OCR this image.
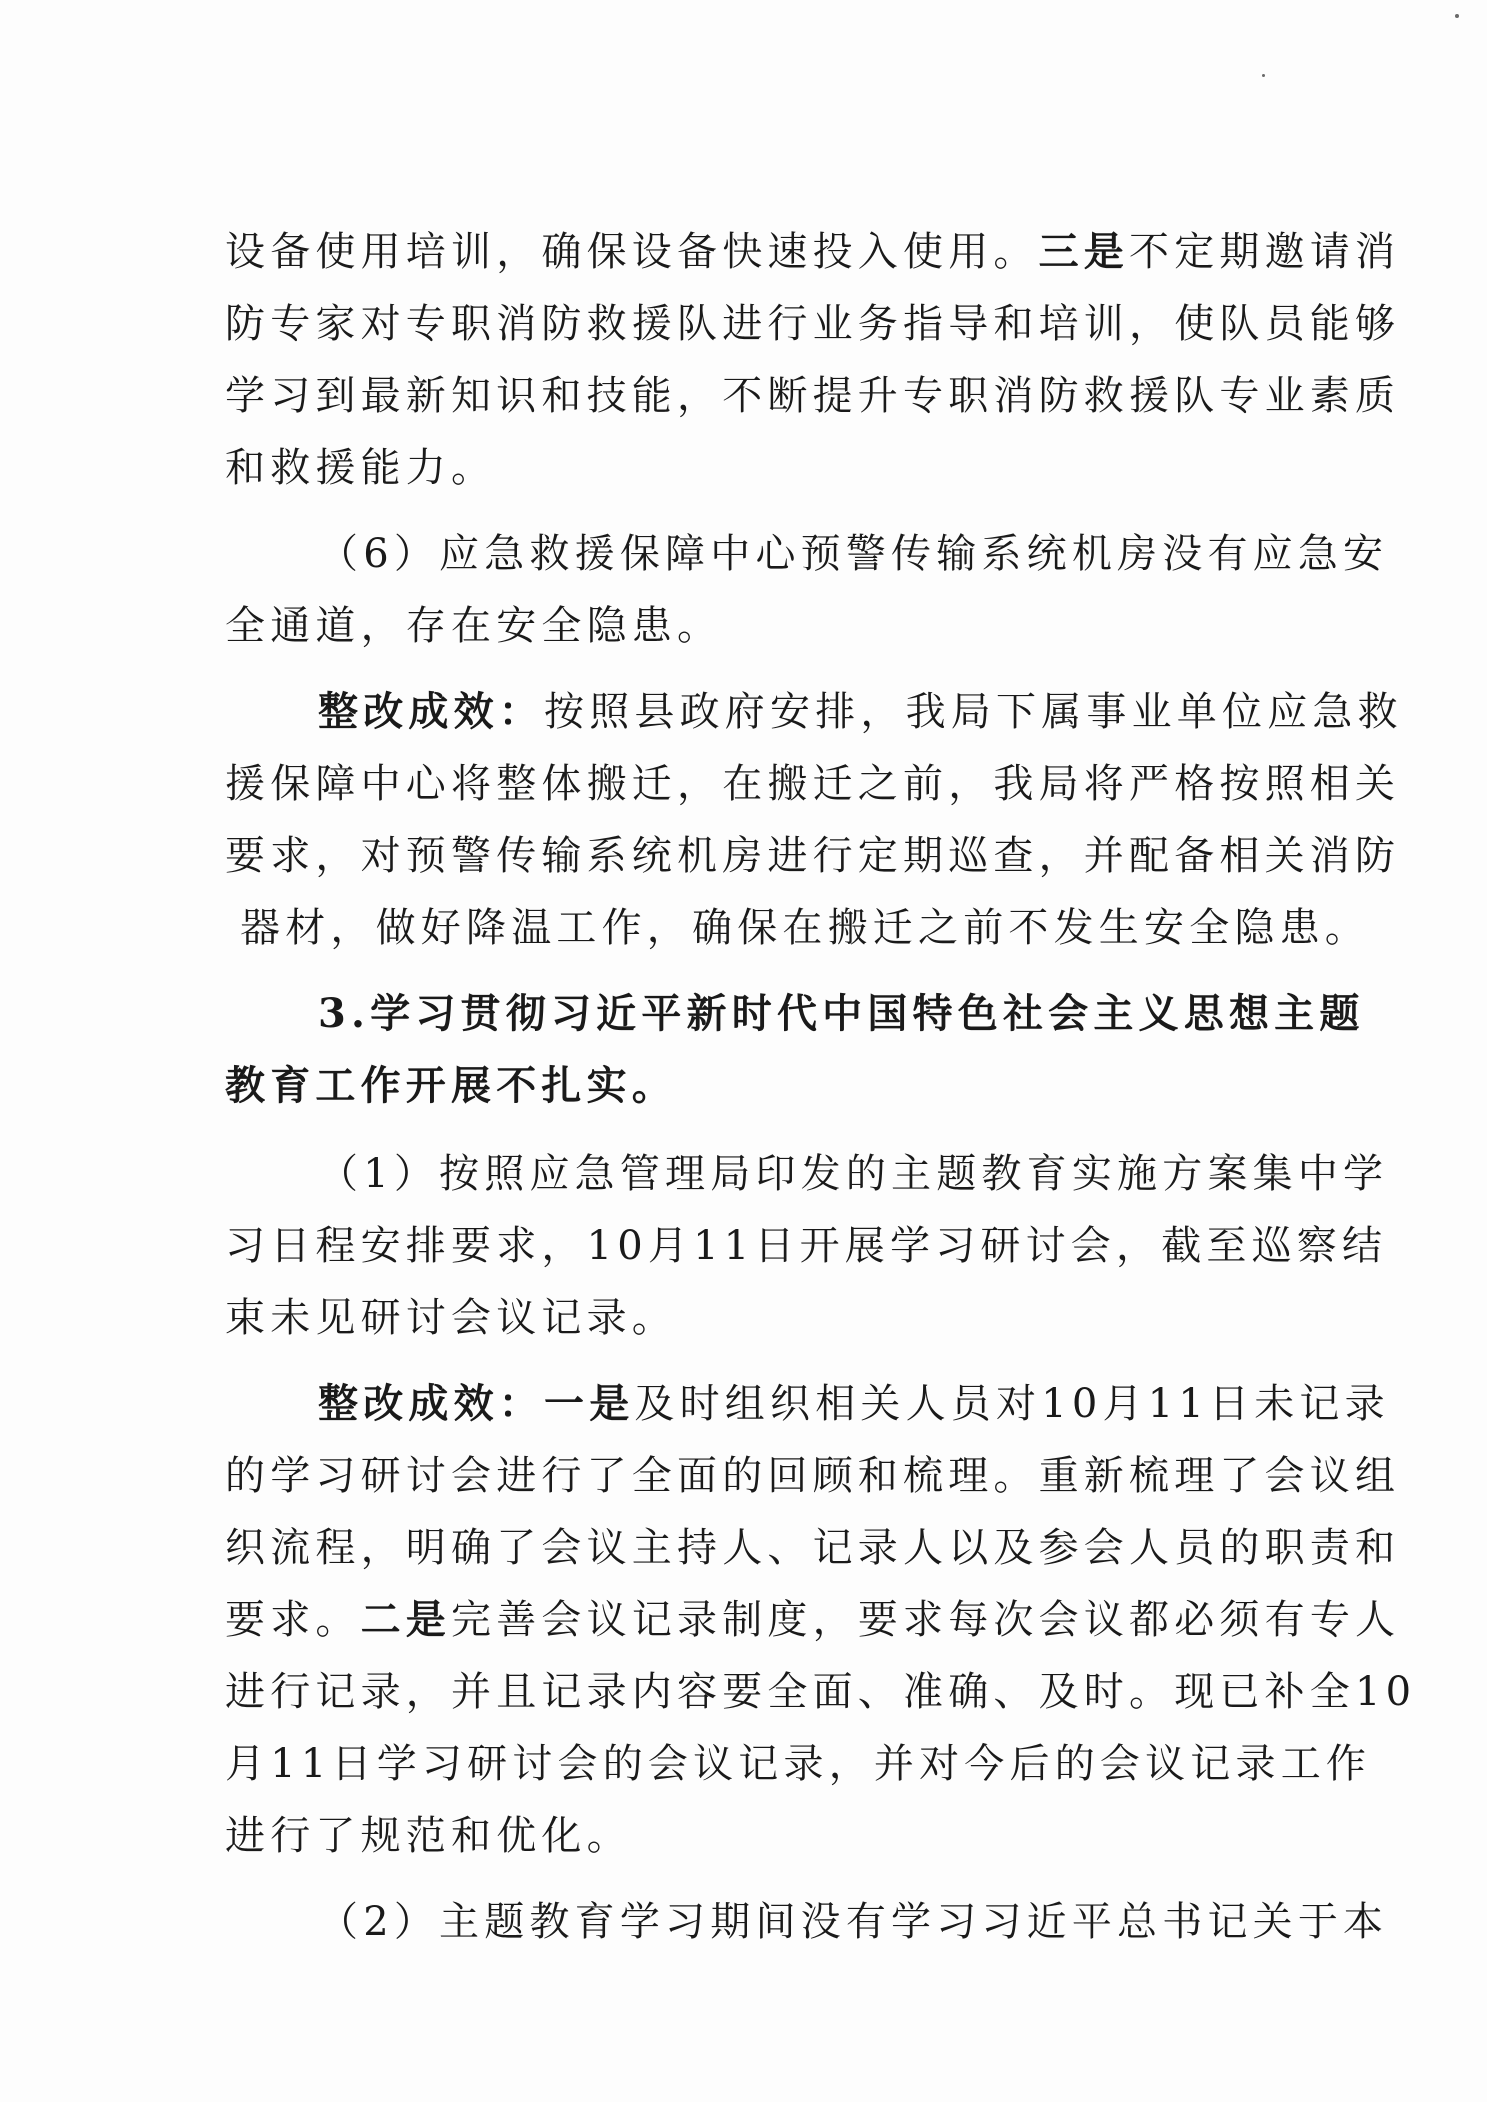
设备使用培训，确保设备快速投入使用。三是不定期邀请消
防专家对专职消防救援队进行业务指导和培训，使队员能够
学习到最新知识和技能，不断提升专职消防救援队专业素质
和救援能力。
（6）应急救援保障中心预警传输系统机房没有应急安
全通道，存在安全隐患。
整改成效：按照县政府安排，我局下属事业单位应急救
援保障中心将整体搬迁，在搬迁之前，我局将严格按照相关
要求，对预警传输系统机房进行定期巡查，并配备相关消防
器材，做好降温工作，确保在搬迁之前不发生安全隐患。
3.学习贯彻习近平新时代中国特色社会主义思想主题
教育工作开展不扎实。
（1）按照应急管理局印发的主题教育实施方案集中学
习日程安排要求，10月11日开展学习研讨会，截至巡察结
束未见研讨会议记录。
整改成效：一是及时组织相关人员对10月11日未记录
的学习研讨会进行了全面的回顾和梳理。重新梳理了会议组
织流程，明确了会议主持人、记录人以及参会人员的职责和
要求。二是完善会议记录制度，要求每次会议都必须有专人
进行记录，并且记录内容要全面、准确、及时。现已补全10
月11日学习研讨会的会议记录，并对今后的会议记录工作
进行了规范和优化。
（2）主题教育学习期间没有学习习近平总书记关于本
